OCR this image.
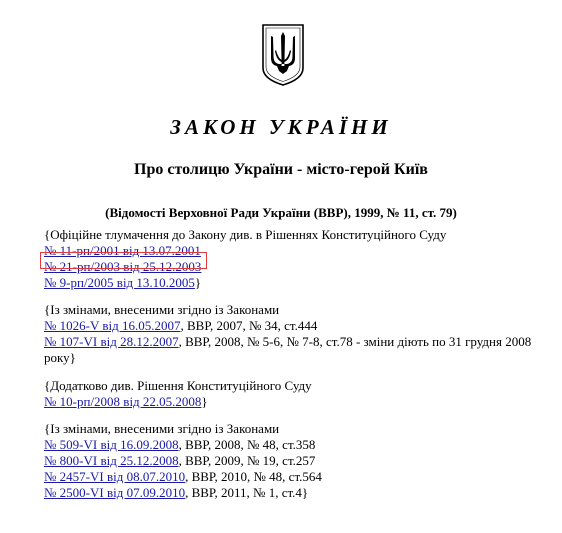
ЗАКОН УКРАЇНИ
Про столицю України - місто-герой Київ
(Відомості Верховної Ради України (ВВР), 1999, № 11, ст. 79)
{Офіційне тлумачення до Закону див. в Рішеннях Конституційного Суду
№ 11-рп/2001 від 13.07.2001
№ 21-рп/2003 від 25.12.2003
№ 9-рп/2005 від 13.10.2005}
{Із змінами, внесеними згідно із Законами
№ 1026-V від 16.05.2007, ВВР, 2007, № 34, ст.444
№ 107-VI від 28.12.2007, ВВР, 2008, № 5-6, № 7-8, ст.78 - зміни діють по 31 грудня 2008 року}
{Додатково див. Рішення Конституційного Суду
№ 10-рп/2008 від 22.05.2008}
{Із змінами, внесеними згідно із Законами
№ 509-VI від 16.09.2008, ВВР, 2008, № 48, ст.358
№ 800-VI від 25.12.2008, ВВР, 2009, № 19, ст.257
№ 2457-VI від 08.07.2010, ВВР, 2010, № 48, ст.564
№ 2500-VI від 07.09.2010, ВВР, 2011, № 1, ст.4}
